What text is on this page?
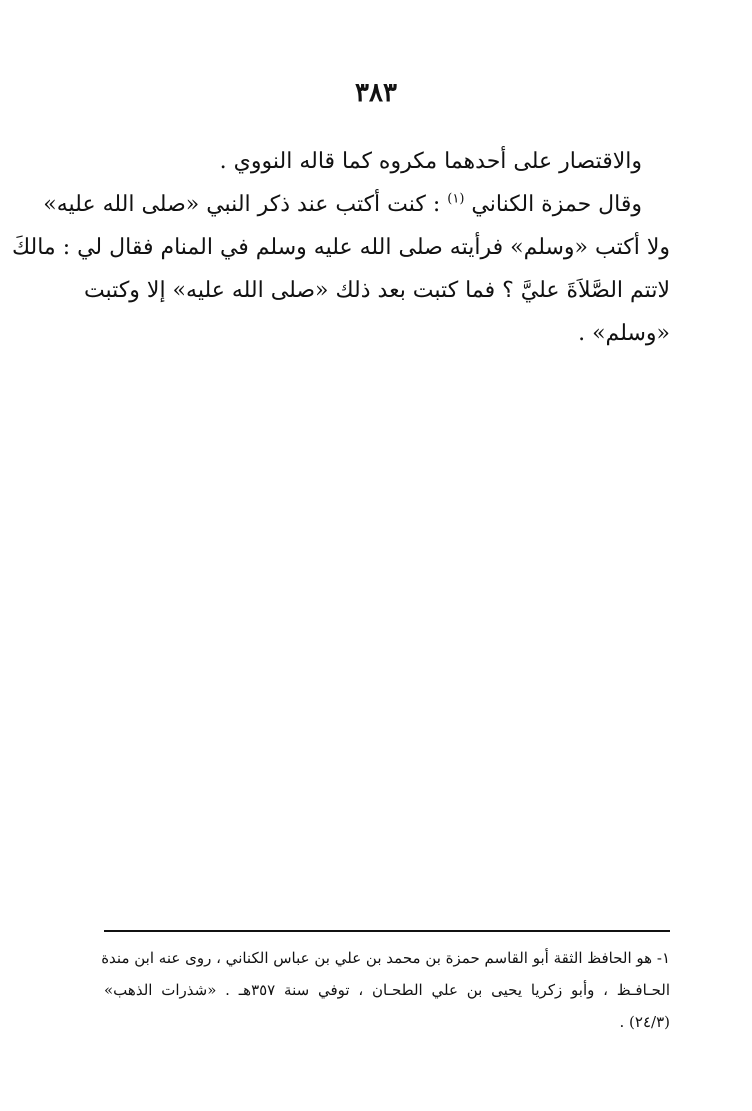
٣٨٣
والاقتصار على أحدهما مكروه كما قاله النووي .
وقال حمزة الكناني $^{(١)}$ : كنت أكتب عند ذكر النبي «صلى الله عليه»
ولا أكتب «وسلم» فرأيته صلى الله عليه وسلم في المنام فقال لي : مالكَ
لاتتم الصَّلاَةَ عليَّ ؟ فما كتبت بعد ذلك «صلى الله عليه» إلا وكتبت
«وسلم» .
١- هو الحافظ الثقة أبو القاسم حمزة بن محمد بن علي بن عباس الكناني ، روى عنه ابن مندة
الحـافـظ ، وأبو زكريا يحيى بن علي الطحـان ، توفي سنة ٣٥٧هـ . «شذرات الذهب»
(٢٤/٣) .
